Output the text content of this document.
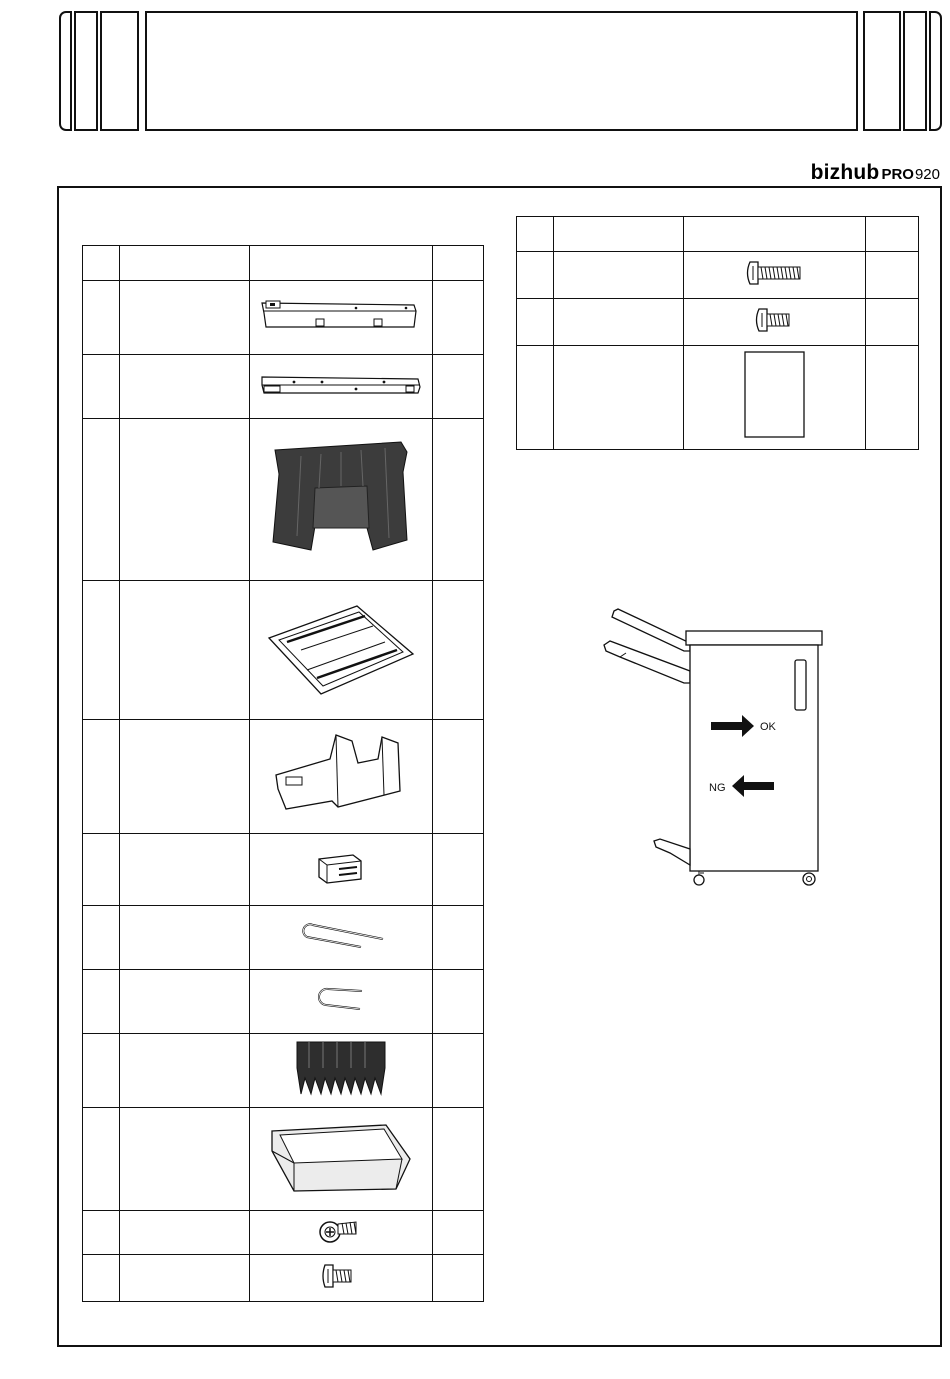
bizhub PRO920

OK
NG
